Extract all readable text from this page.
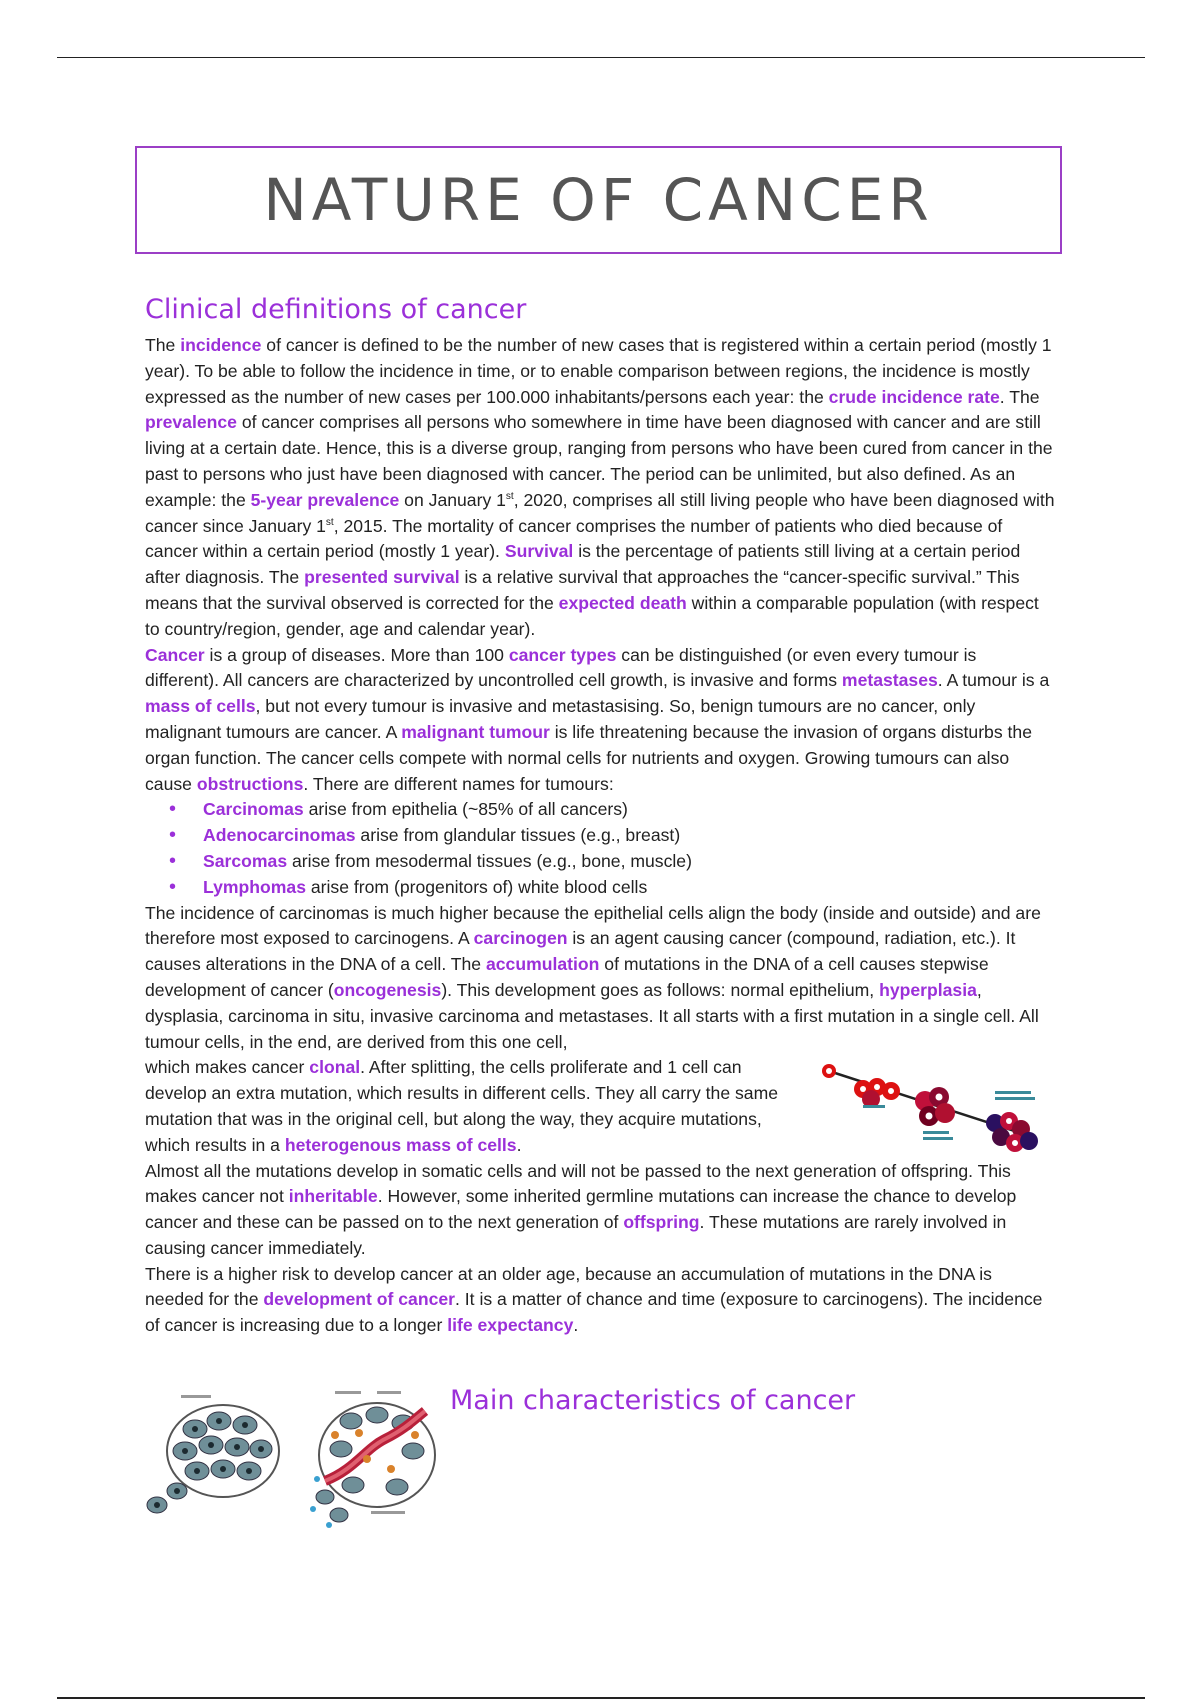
NATURE OF CANCER
Clinical definitions of cancer

The incidence of cancer is defined to be the number of new cases that is registered within a certain period (mostly 1 year). To be able to follow the incidence in time, or to enable comparison between regions, the incidence is mostly expressed as the number of new cases per 100.000 inhabitants/persons each year: the crude incidence rate. The prevalence of cancer comprises all persons who somewhere in time have been diagnosed with cancer and are still living at a certain date. Hence, this is a diverse group, ranging from persons who have been cured from cancer in the past to persons who just have been diagnosed with cancer. The period can be unlimited, but also defined. As an example: the 5-year prevalence on January 1st, 2020, comprises all still living people who have been diagnosed with cancer since January 1st, 2015. The mortality of cancer comprises the number of patients who died because of cancer within a certain period (mostly 1 year). Survival is the percentage of patients still living at a certain period after diagnosis. The presented survival is a relative survival that approaches the “cancer-specific survival.” This means that the survival observed is corrected for the expected death within a comparable population (with respect to country/region, gender, age and calendar year).

Cancer is a group of diseases. More than 100 cancer types can be distinguished (or even every tumour is different). All cancers are characterized by uncontrolled cell growth, is invasive and forms metastases. A tumour is a mass of cells, but not every tumour is invasive and metastasising. So, benign tumours are no cancer, only malignant tumours are cancer. A malignant tumour is life threatening because the invasion of organs disturbs the organ function. The cancer cells compete with normal cells for nutrients and oxygen. Growing tumours can also cause obstructions. There are different names for tumours:

• Carcinomas arise from epithelia (~85% of all cancers)
• Adenocarcinomas arise from glandular tissues (e.g., breast)
• Sarcomas arise from mesodermal tissues (e.g., bone, muscle)
• Lymphomas arise from (progenitors of) white blood cells

The incidence of carcinomas is much higher because the epithelial cells align the body (inside and outside) and are therefore most exposed to carcinogens. A carcinogen is an agent causing cancer (compound, radiation, etc.). It causes alterations in the DNA of a cell. The accumulation of mutations in the DNA of a cell causes stepwise development of cancer (oncogenesis). This development goes as follows: normal epithelium, hyperplasia, dysplasia, carcinoma in situ, invasive carcinoma and metastases. It all starts with a first mutation in a single cell. All tumour cells, in the end, are derived from this one cell,

which makes cancer clonal. After splitting, the cells proliferate and 1 cell can develop an extra mutation, which results in different cells. They all carry the same mutation that was in the original cell, but along the way, they acquire mutations, which results in a heterogenous mass of cells.

Almost all the mutations develop in somatic cells and will not be passed to the next generation of offspring. This makes cancer not inheritable. However, some inherited germline mutations can increase the chance to develop cancer and these can be passed on to the next generation of offspring. These mutations are rarely involved in causing cancer immediately.

There is a higher risk to develop cancer at an older age, because an accumulation of mutations in the DNA is needed for the development of cancer. It is a matter of chance and time (exposure to carcinogens). The incidence of cancer is increasing due to a longer life expectancy.

Main characteristics of cancer
